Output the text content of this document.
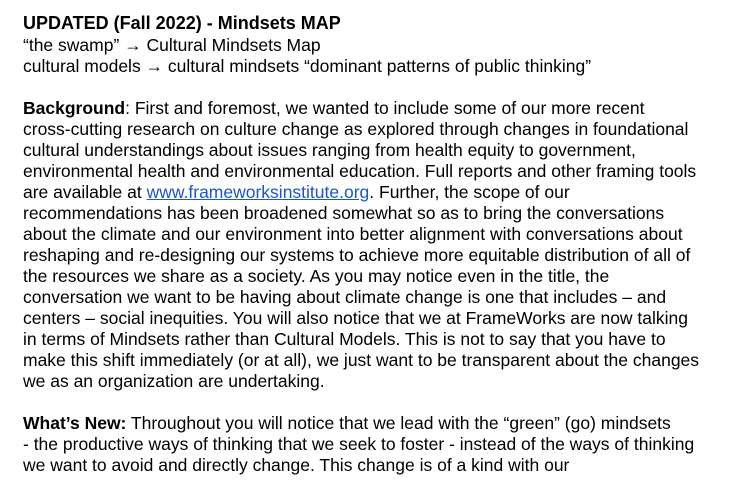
UPDATED (Fall 2022) - Mindsets MAP
“the swamp” → Cultural Mindsets Map
cultural models → cultural mindsets “dominant patterns of public thinking”
Background: First and foremost, we wanted to include some of our more recent
cross-cutting research on culture change as explored through changes in foundational
cultural understandings about issues ranging from health equity to government,
environmental health and environmental education. Full reports and other framing tools
are available at www.frameworksinstitute.org. Further, the scope of our
recommendations has been broadened somewhat so as to bring the conversations
about the climate and our environment into better alignment with conversations about
reshaping and re-designing our systems to achieve more equitable distribution of all of
the resources we share as a society. As you may notice even in the title, the
conversation we want to be having about climate change is one that includes – and
centers – social inequities. You will also notice that we at FrameWorks are now talking
in terms of Mindsets rather than Cultural Models. This is not to say that you have to
make this shift immediately (or at all), we just want to be transparent about the changes
we as an organization are undertaking.
What’s New: Throughout you will notice that we lead with the “green” (go) mindsets
- the productive ways of thinking that we seek to foster - instead of the ways of thinking
we want to avoid and directly change. This change is of a kind with our
